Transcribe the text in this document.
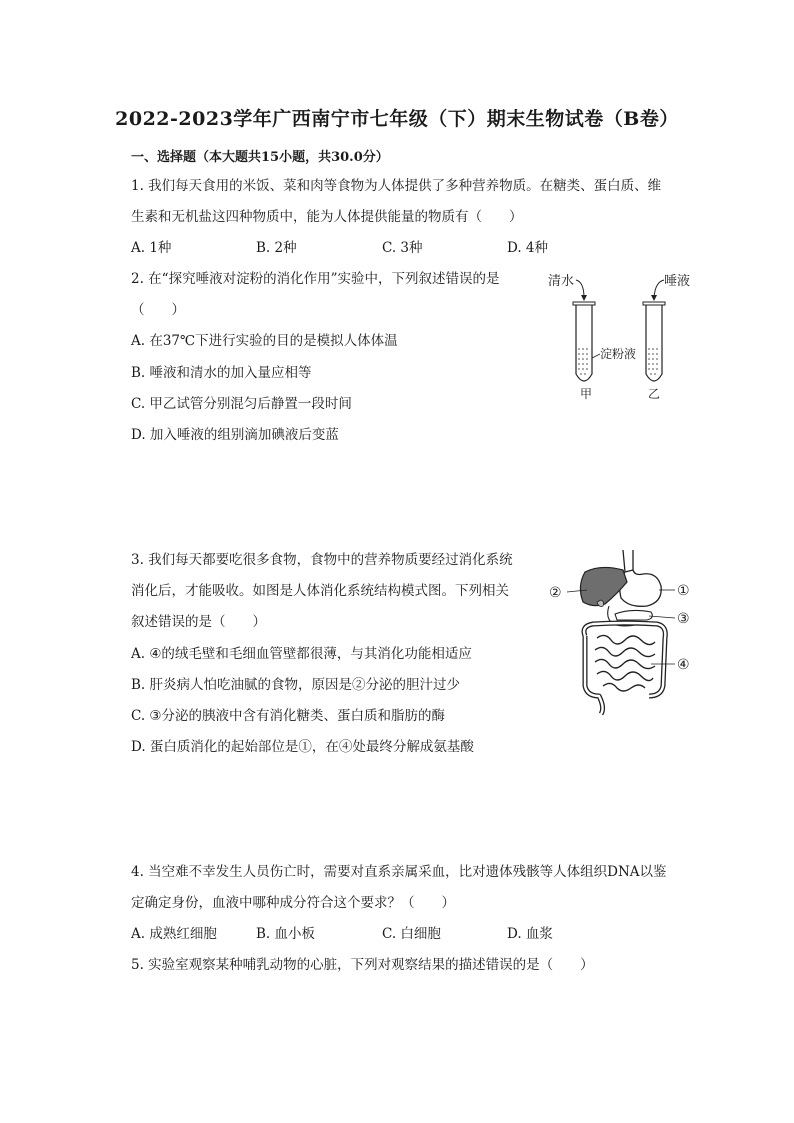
2022-2023学年广西南宁市七年级（下）期末生物试卷（B卷）
一、选择题（本大题共15小题，共30.0分）
1. 我们每天食用的米饭、菜和肉等食物为人体提供了多种营养物质。在糖类、蛋白质、维
生素和无机盐这四种物质中，能为人体提供能量的物质有（　　）
A. 1种	B. 2种	C. 3种	D. 4种
2. 在“探究唾液对淀粉的消化作用”实验中，下列叙述错误的是
（　　）
A. 在37℃下进行实验的目的是模拟人体体温
B. 唾液和清水的加入量应相等
C. 甲乙试管分别混匀后静置一段时间
D. 加入唾液的组别滴加碘液后变蓝
清水	唾液
淀粉液
甲	乙
3. 我们每天都要吃很多食物，食物中的营养物质要经过消化系统
消化后，才能吸收。如图是人体消化系统结构模式图。下列相关
叙述错误的是（　　）
A. ④的绒毛壁和毛细血管壁都很薄，与其消化功能相适应
B. 肝炎病人怕吃油腻的食物，原因是②分泌的胆汁过少
C. ③分泌的胰液中含有消化糖类、蛋白质和脂肪的酶
D. 蛋白质消化的起始部位是①，在④处最终分解成氨基酸
②	①
③
④
4. 当空难不幸发生人员伤亡时，需要对直系亲属采血，比对遗体残骸等人体组织DNA以鉴
定确定身份，血液中哪种成分符合这个要求？（　　）
A. 成熟红细胞	B. 血小板	C. 白细胞	D. 血浆
5. 实验室观察某种哺乳动物的心脏，下列对观察结果的描述错误的是（　　）
